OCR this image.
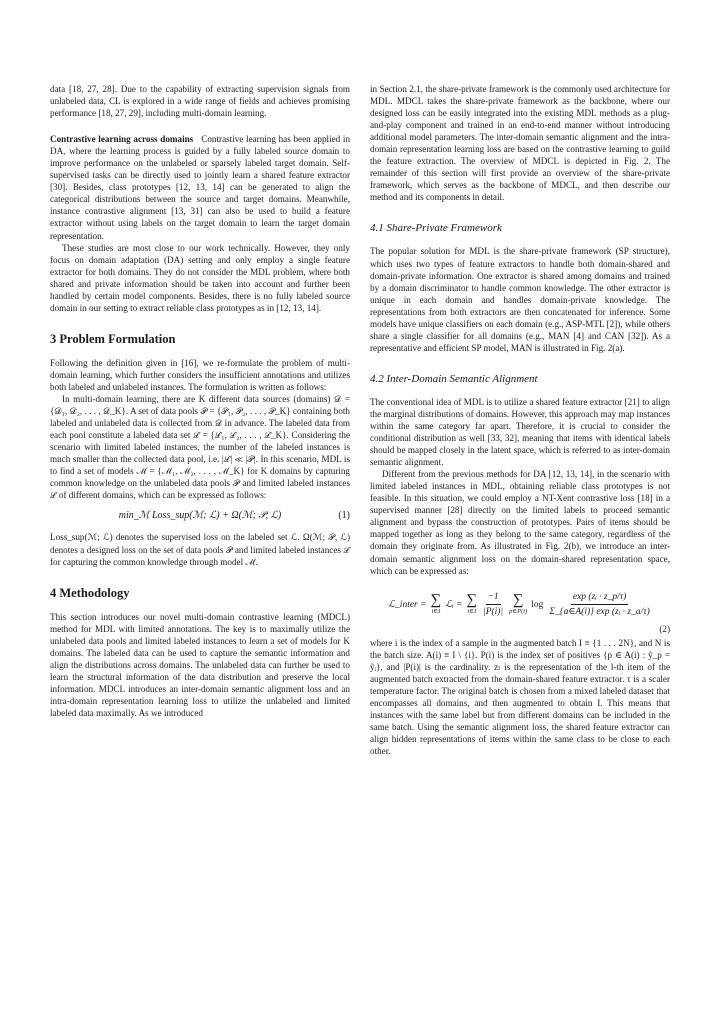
data [18, 27, 28]. Due to the capability of extracting supervision signals from unlabeled data, CL is explored in a wide range of fields and achieves promising performance [18, 27, 29], including multi-domain learning.

Contrastive learning across domains Contrastive learning has been applied in DA, where the learning process is guided by a fully labeled source domain to improve performance on the unlabeled or sparsely labeled target domain. Self-supervised tasks can be directly used to jointly learn a shared feature extractor [30]. Besides, class prototypes [12, 13, 14] can be generated to align the categorical distributions between the source and target domains. Meanwhile, instance contrastive alignment [13, 31] can also be used to build a feature extractor without using labels on the target domain to learn the target domain representation.

These studies are most close to our work technically. However, they only focus on domain adaptation (DA) setting and only employ a single feature extractor for both domains. They do not consider the MDL problem, where both shared and private information should be taken into account and further been handled by certain model components. Besides, there is no fully labeled source domain in our setting to extract reliable class prototypes as in [12, 13, 14].

3 Problem Formulation

Following the definition given in [16], we re-formulate the problem of multi-domain learning, which further considers the insufficient annotations and utilizes both labeled and unlabeled instances. The formulation is written as follows:

In multi-domain learning, there are K different data sources (domains) 𝒟 = {𝒟₁, 𝒟₂, . . . , 𝒟_K}. A set of data pools 𝒫 = {𝒫₁, 𝒫₂, . . . , 𝒫_K} containing both labeled and unlabeled data is collected from 𝒟 in advance. The labeled data from each pool constitute a labeled data set ℒ = {ℒ₁, ℒ₂, . . . , ℒ_K}. Considering the scenario with limited labeled instances, the number of the labeled instances is much smaller than the collected data pool, i.e. |ℒ| ≪ |𝒫|. In this scenario, MDL is to find a set of models ℳ = {ℳ₁, ℳ₂, . . . , ℳ_K} for K domains by capturing common knowledge on the unlabeled data pools 𝒫 and limited labeled instances ℒ of different domains, which can be expressed as follows:

min_ℳ Loss_sup(ℳ; ℒ) + Ω(ℳ; 𝒫, ℒ)	(1)

Loss_sup(ℳ; ℒ) denotes the supervised loss on the labeled set ℒ. Ω(ℳ; 𝒫, ℒ) denotes a designed loss on the set of data pools 𝒫 and limited labeled instances ℒ for capturing the common knowledge through model ℳ.

4 Methodology

This section introduces our novel multi-domain contrastive learning (MDCL) method for MDL with limited annotations. The key is to maximally utilize the unlabeled data pools and limited labeled instances to learn a set of models for K domains. The labeled data can be used to capture the semantic information and align the distributions across domains. The unlabeled data can further be used to learn the structural information of the data distribution and preserve the local information. MDCL introduces an inter-domain semantic alignment loss and an intra-domain representation learning loss to utilize the unlabeled and limited labeled data maximally. As we introduced

in Section 2.1, the share-private framework is the commonly used architecture for MDL. MDCL takes the share-private framework as the backbone, where our designed loss can be easily integrated into the existing MDL methods as a plug-and-play component and trained in an end-to-end manner without introducing additional model parameters. The inter-domain semantic alignment and the intra-domain representation learning loss are based on the contrastive learning to guild the feature extraction. The overview of MDCL is depicted in Fig. 2. The remainder of this section will first provide an overview of the share-private framework, which serves as the backbone of MDCL, and then describe our method and its components in detail.

4.1 Share-Private Framework

The popular solution for MDL is the share-private framework (SP structure), which uses two types of feature extractors to handle both domain-shared and domain-private information. One extractor is shared among domains and trained by a domain discriminator to handle common knowledge. The other extractor is unique in each domain and handles domain-private knowledge. The representations from both extractors are then concatenated for inference. Some models have unique classifiers on each domain (e.g., ASP-MTL [2]), while others share a single classifier for all domains (e.g., MAN [4] and CAN [32]). As a representative and efficient SP model, MAN is illustrated in Fig. 2(a).

4.2 Inter-Domain Semantic Alignment

The conventional idea of MDL is to utilize a shared feature extractor [21] to align the marginal distributions of domains. However, this approach may map instances within the same category far apart. Therefore, it is crucial to consider the conditional distribution as well [33, 32], meaning that items with identical labels should be mapped closely in the latent space, which is referred to as inter-domain semantic alignment.

Different from the previous methods for DA [12, 13, 14], in the scenario with limited labeled instances in MDL, obtaining reliable class prototypes is not feasible. In this situation, we could employ a NT-Xent contrastive loss [18] in a supervised manner [28] directly on the limited labels to proceed semantic alignment and bypass the construction of prototypes. Pairs of items should be mapped together as long as they belong to the same category, regardless of the domain they originate from. As illustrated in Fig. 2(b), we introduce an inter-domain semantic alignment loss on the domain-shared representation space, which can be expressed as:

ℒ_inter = ∑
i∈I
ℒᵢ = ∑
i∈I $\frac{-1}{|P(i)|}$ ∑
p∈P(i)
$\log \frac{\text{exp (zᵢ · z\_p/τ)}}{\text{Σ\_\{a∈A(i)\} exp (zᵢ · z\_a/τ)}}$
(2)

where i is the index of a sample in the augmented batch I ≡ {1 . . . 2N}, and N is the batch size. A(i) ≡ I \ {i}. P(i) is the index set of positives {p ∈ A(i) : ỹ_p = ỹᵢ}, and |P(i)| is the cardinality. zₗ is the representation of the l-th item of the augmented batch extracted from the domain-shared feature extractor. τ is a scaler temperature factor. The original batch is chosen from a mixed labeled dataset that encompasses all domains, and then augmented to obtain I. This means that instances with the same label but from different domains can be included in the same batch. Using the semantic alignment loss, the shared feature extractor can align hidden representations of items within the same class to be close to each other.
